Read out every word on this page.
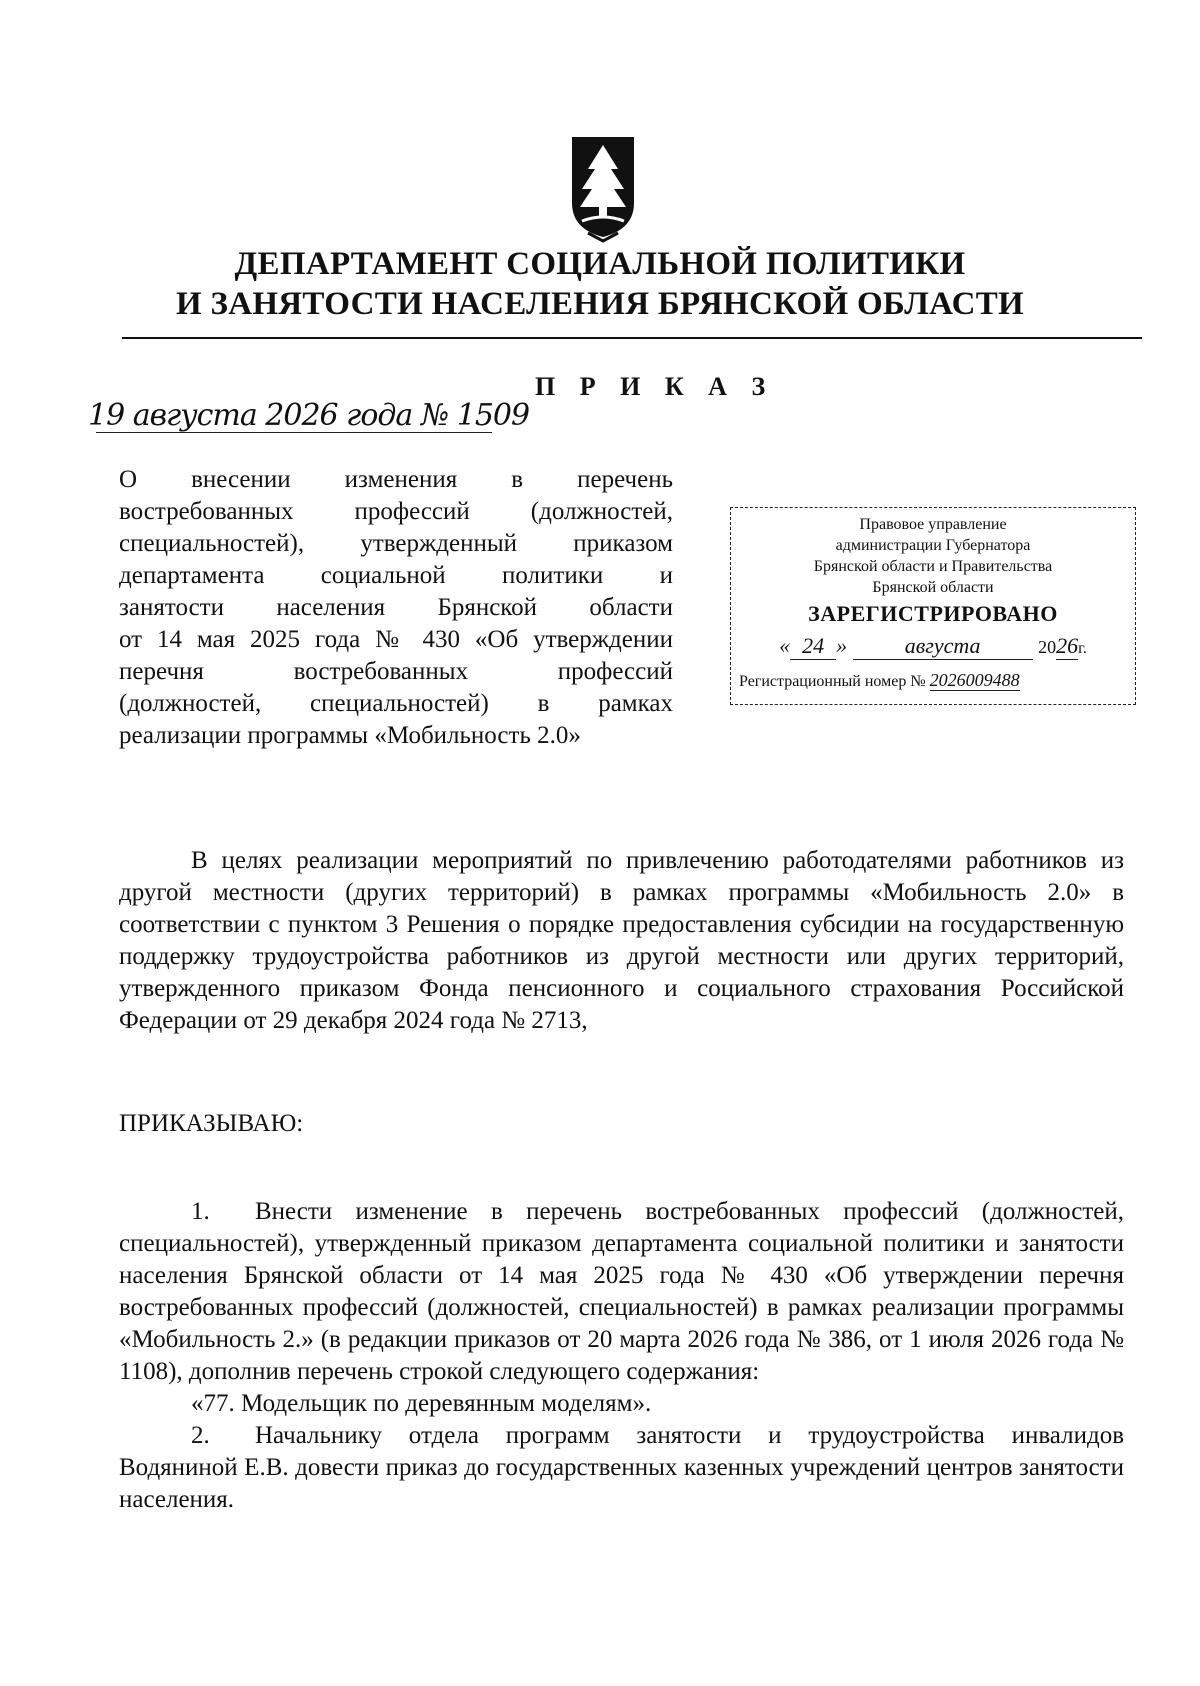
ДЕПАРТАМЕНТ СОЦИАЛЬНОЙ ПОЛИТИКИ
И ЗАНЯТОСТИ НАСЕЛЕНИЯ БРЯНСКОЙ ОБЛАСТИ
П Р И К А З
19 августа 2026 года № 1509
О внесении изменения в перечень
востребованных профессий (должностей,
специальностей), утвержденный приказом
департамента социальной политики и
занятости населения Брянской области
от 14 мая 2025 года № 430 «Об утверждении
перечня востребованных профессий
(должностей, специальностей) в рамках
реализации программы «Мобильность 2.0»
Правовое управление
администрации Губернатора
Брянской области и Правительства
Брянской области
ЗАРЕГИСТРИРОВАНО
« 24 » августа	2026г.
Регистрационный номер № 2026009488
В целях реализации мероприятий по привлечению работодателями работников из другой местности (других территорий) в рамках программы «Мобильность 2.0» в соответствии с пунктом 3 Решения о порядке предоставления субсидии на государственную поддержку трудоустройства работников из другой местности или других территорий, утвержденного приказом Фонда пенсионного и социального страхования Российской Федерации от 29 декабря 2024 года № 2713,
ПРИКАЗЫВАЮ:

1. Внести изменение в перечень востребованных профессий (должностей, специальностей), утвержденный приказом департамента социальной политики и занятости населения Брянской области от 14 мая 2025 года № 430 «Об утверждении перечня востребованных профессий (должностей, специальностей) в рамках реализации программы «Мобильность 2.» (в редакции приказов от 20 марта 2026 года № 386, от 1 июля 2026 года № 1108), дополнив перечень строкой следующего содержания:

«77. Модельщик по деревянным моделям».

2. Начальнику отдела программ занятости и трудоустройства инвалидов Водяниной Е.В. довести приказ до государственных казенных учреждений центров занятости населения.
